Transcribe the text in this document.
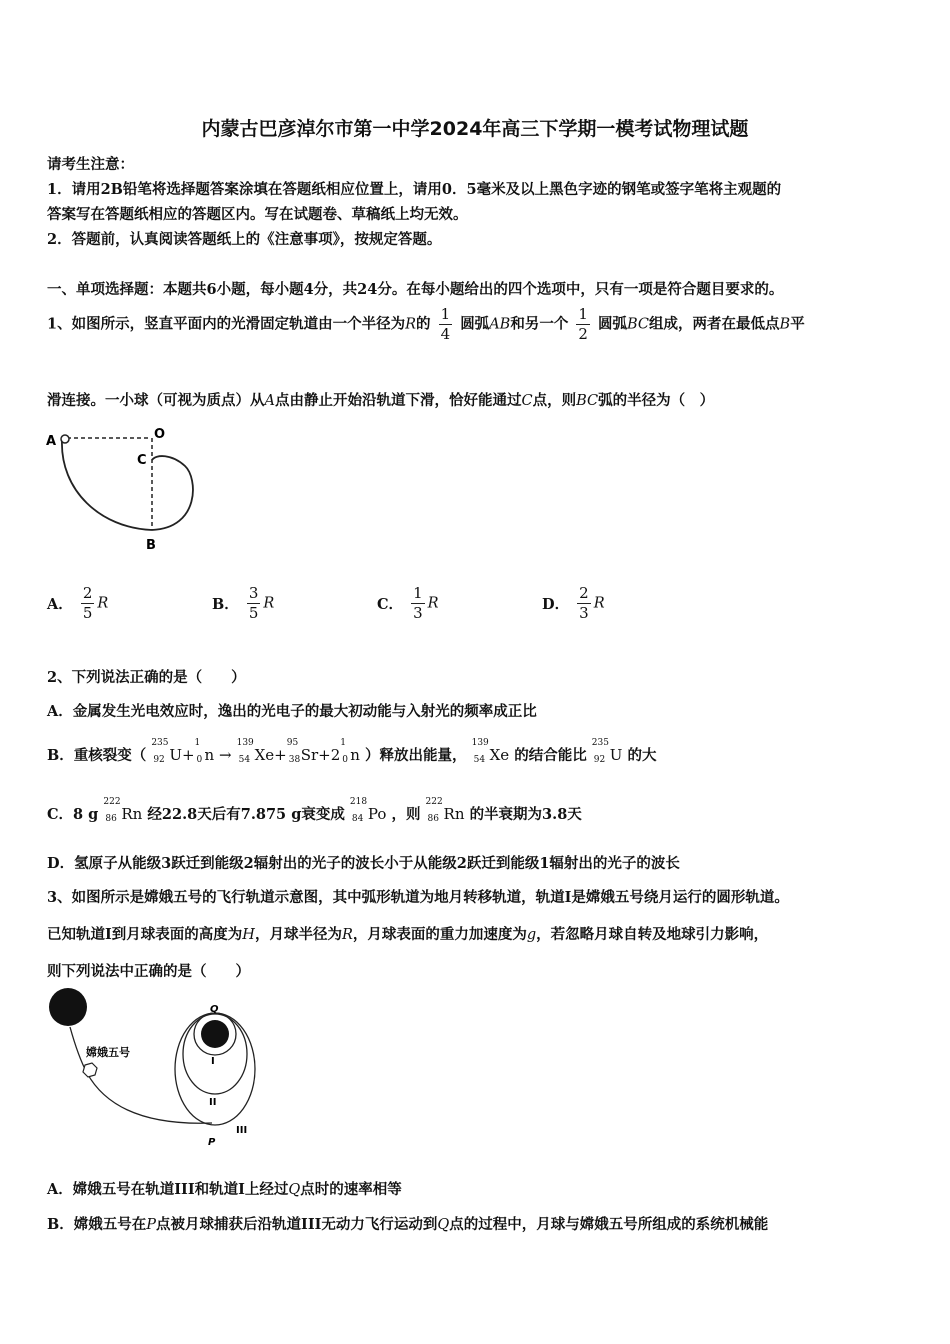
内蒙古巴彦淖尔市第一中学2024年高三下学期一模考试物理试题
请考生注意：
1．请用2B铅笔将选择题答案涂填在答题纸相应位置上，请用0．5毫米及以上黑色字迹的钢笔或签字笔将主观题的
答案写在答题纸相应的答题区内。写在试题卷、草稿纸上均无效。
2．答题前，认真阅读答题纸上的《注意事项》，按规定答题。
一、单项选择题：本题共6小题，每小题4分，共24分。在每小题给出的四个选项中，只有一项是符合题目要求的。
1、如图所示，竖直平面内的光滑固定轨道由一个半径为R的 $\frac{1}{4}$ 圆弧AB和另一个 $\frac{1}{2}$ 圆弧BC组成，两者在最低点B平
滑连接。一小球（可视为质点）从A点由静止开始沿轨道下滑，恰好能通过C点，则BC弧的半径为（　）
A	O
C
B
A． $\frac{2}{5}$ R	B． $\frac{3}{5}$ R	C． $\frac{1}{3}$ R	D． $\frac{2}{3}$ R
2、下列说法正确的是（　　）
A．金属发生光电效应时，逸出的光电子的最大初动能与入射光的频率成正比
B．重核裂变（
235
92 U+
1
0 n →
139
54 Xe+
95
38 Sr+2
1
0 n ）释放出能量，
139
54 Xe 的结合能比
235
92 U 的大
C．8 g
222
86 Rn 经22.8天后有7.875 g衰变成
218
84 Po ，则
222
86 Rn 的半衰期为3.8天
D．氢原子从能级3跃迁到能级2辐射出的光子的波长小于从能级2跃迁到能级1辐射出的光子的波长
3、如图所示是嫦娥五号的飞行轨道示意图，其中弧形轨道为地月转移轨道，轨道I是嫦娥五号绕月运行的圆形轨道。
已知轨道I到月球表面的高度为H，月球半径为R，月球表面的重力加速度为g，若忽略月球自转及地球引力影响，
则下列说法中正确的是（　　）
嫦娥五号
Q
I
II
III
P
A．嫦娥五号在轨道III和轨道I上经过Q点时的速率相等
B．嫦娥五号在P点被月球捕获后沿轨道III无动力飞行运动到Q点的过程中，月球与嫦娥五号所组成的系统机械能
